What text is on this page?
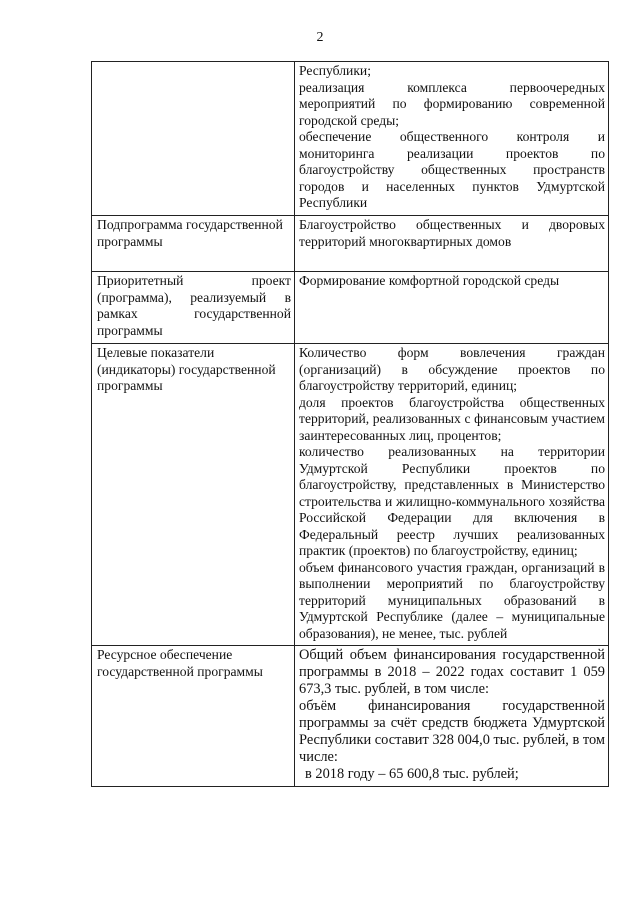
2

	Республики;

реализация комплекса первоочередных мероприятий по формированию современной городской среды;

обеспечение общественного контроля и мониторинга реализации проектов по благоустройству общественных пространств городов и населенных пунктов Удмуртской Республики

Подпрограмма государственной программы	Благоустройство общественных и дворовых территорий многоквартирных домов

Приоритетный проект (программа), реализуемый в рамках государственной программы	Формирование комфортной городской среды

Целевые показатели (индикаторы) государственной программы	Количество форм вовлечения граждан (организаций) в обсуждение проектов по благоустройству территорий, единиц;

доля проектов благоустройства общественных территорий, реализованных с финансовым участием заинтересованных лиц, процентов;

количество реализованных на территории Удмуртской Республики проектов по благоустройству, представленных в Министерство строительства и жилищно-коммунального хозяйства Российской Федерации для включения в Федеральный реестр лучших реализованных практик (проектов) по благоустройству, единиц;

объем финансового участия граждан, организаций в выполнении мероприятий по благоустройству территорий муниципальных образований в Удмуртской Республике (далее – муниципальные образования), не менее, тыс. рублей

Ресурсное обеспечение государственной программы	Общий объем финансирования государственной программы в 2018 – 2022 годах составит 1 059 673,3 тыс. рублей, в том числе:

объём финансирования государственной программы за счёт средств бюджета Удмуртской Республики составит 328 004,0 тыс. рублей, в том числе:

в 2018 году – 65 600,8 тыс. рублей;
